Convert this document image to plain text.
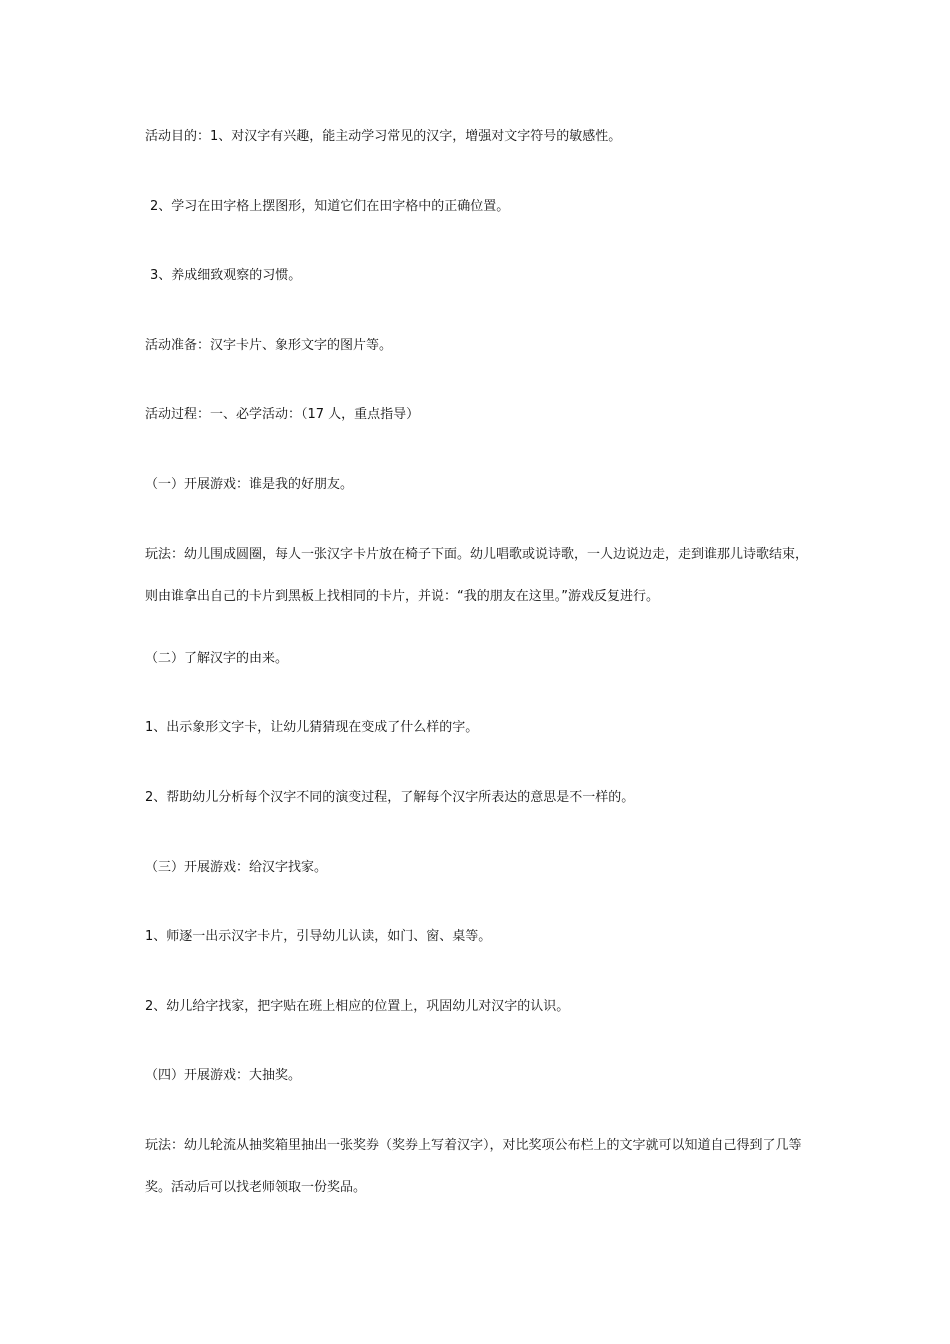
活动目的：1、对汉字有兴趣，能主动学习常见的汉字，增强对文字符号的敏感性。

2、学习在田字格上摆图形，知道它们在田字格中的正确位置。

3、养成细致观察的习惯。

活动准备：汉字卡片、象形文字的图片等。

活动过程：一、必学活动：（17 人，重点指导）

（一）开展游戏：谁是我的好朋友。

玩法：幼儿围成圆圈，每人一张汉字卡片放在椅子下面。幼儿唱歌或说诗歌，一人边说边走，走到谁那儿诗歌结束，则由谁拿出自己的卡片到黑板上找相同的卡片，并说：“我的朋友在这里。”游戏反复进行。

（二）了解汉字的由来。

1、出示象形文字卡，让幼儿猜猜现在变成了什么样的字。

2、帮助幼儿分析每个汉字不同的演变过程，了解每个汉字所表达的意思是不一样的。

（三）开展游戏：给汉字找家。

1、师逐一出示汉字卡片，引导幼儿认读，如门、窗、桌等。

2、幼儿给字找家，把字贴在班上相应的位置上，巩固幼儿对汉字的认识。

（四）开展游戏：大抽奖。

玩法：幼儿轮流从抽奖箱里抽出一张奖券（奖券上写着汉字），对比奖项公布栏上的文字就可以知道自己得到了几等奖。活动后可以找老师领取一份奖品。
